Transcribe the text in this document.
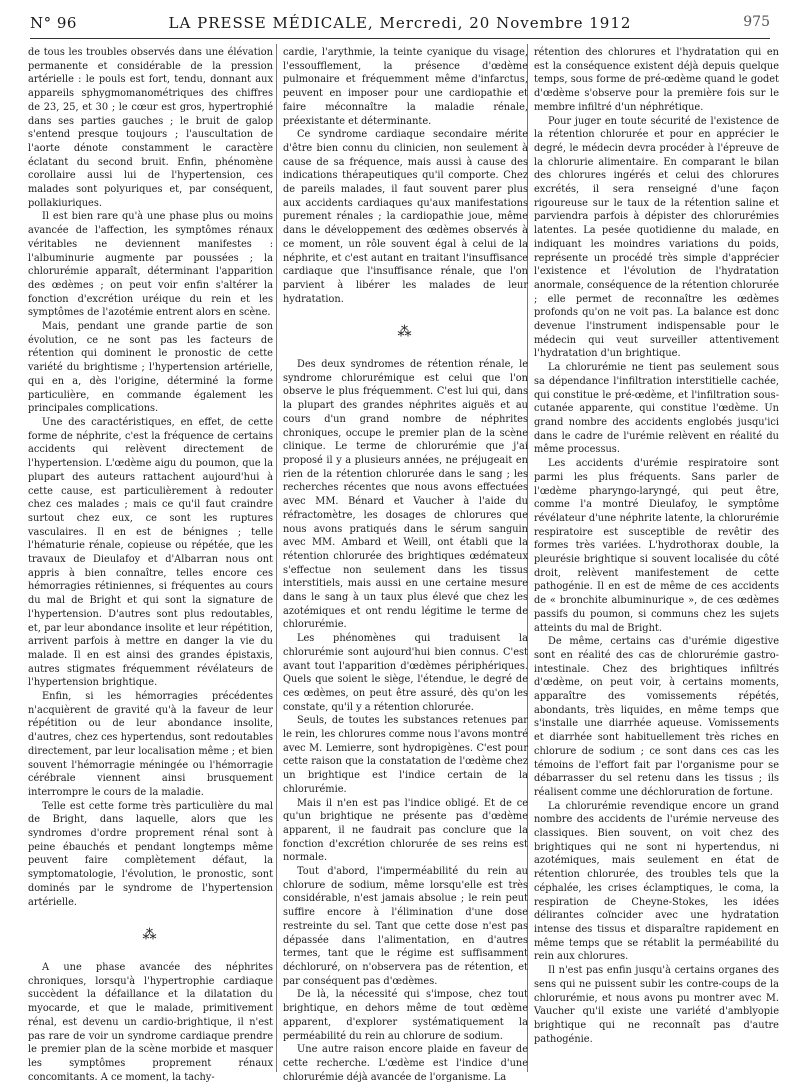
N° 96	LA PRESSE MÉDICALE, Mercredi, 20 Novembre 1912	975

de tous les troubles observés dans une élévation permanente et considérable de la pression artérielle : le pouls est fort, tendu, donnant aux appareils sphygmomanométriques des chiffres de 23, 25, et 30 ; le cœur est gros, hypertrophié dans ses parties gauches ; le bruit de galop s'entend presque toujours ; l'auscultation de l'aorte dénote constamment le caractère éclatant du second bruit. Enfin, phénomène corollaire aussi lui de l'hypertension, ces malades sont polyuriques et, par conséquent, pollakiuriques.

Il est bien rare qu'à une phase plus ou moins avancée de l'affection, les symptômes rénaux véritables ne deviennent manifestes : l'albuminurie augmente par poussées ; la chlorurémie apparaît, déterminant l'apparition des œdèmes ; on peut voir enfin s'altérer la fonction d'excrétion uréique du rein et les symptômes de l'azotémie entrent alors en scène.

Mais, pendant une grande partie de son évolution, ce ne sont pas les facteurs de rétention qui dominent le pronostic de cette variété du brightisme ; l'hypertension artérielle, qui en a, dès l'origine, déterminé la forme particulière, en commande également les principales complications.

Une des caractéristiques, en effet, de cette forme de néphrite, c'est la fréquence de certains accidents qui relèvent directement de l'hypertension. L'œdème aigu du poumon, que la plupart des auteurs rattachent aujourd'hui à cette cause, est particulièrement à redouter chez ces malades ; mais ce qu'il faut craindre surtout chez eux, ce sont les ruptures vasculaires. Il en est de bénignes ; telle l'hématurie rénale, copieuse ou répétée, que les travaux de Dieulafoy et d'Albarran nous ont appris à bien connaître, telles encore ces hémorragies rétiniennes, si fréquentes au cours du mal de Bright et qui sont la signature de l'hypertension. D'autres sont plus redoutables, et, par leur abondance insolite et leur répétition, arrivent parfois à mettre en danger la vie du malade. Il en est ainsi des grandes épistaxis, autres stigmates fréquemment révélateurs de l'hypertension brightique.

Enfin, si les hémorragies précédentes n'acquièrent de gravité qu'à la faveur de leur répétition ou de leur abondance insolite, d'autres, chez ces hypertendus, sont redoutables directement, par leur localisation même ; et bien souvent l'hémorragie méningée ou l'hémorragie cérébrale viennent ainsi brusquement interrompre le cours de la maladie.

Telle est cette forme très particulière du mal de Bright, dans laquelle, alors que les syndromes d'ordre proprement rénal sont à peine ébauchés et pendant longtemps même peuvent faire complètement défaut, la symptomatologie, l'évolution, le pronostic, sont dominés par le syndrome de l'hypertension artérielle.

⁂

A une phase avancée des néphrites chroniques, lorsqu'à l'hypertrophie cardiaque succèdent la défaillance et la dilatation du myocarde, et que le malade, primitivement rénal, est devenu un cardio-brightique, il n'est pas rare de voir un syndrome cardiaque prendre le premier plan de la scène morbide et masquer les symptômes proprement rénaux concomitants. A ce moment, la tachy-

cardie, l'arythmie, la teinte cyanique du visage, l'essoufflement, la présence d'œdème pulmonaire et fréquemment même d'infarctus, peuvent en imposer pour une cardiopathie et faire méconnaître la maladie rénale, préexistante et déterminante.

Ce syndrome cardiaque secondaire mérite d'être bien connu du clinicien, non seulement à cause de sa fréquence, mais aussi à cause des indications thérapeutiques qu'il comporte. Chez de pareils malades, il faut souvent parer plus aux accidents cardiaques qu'aux manifestations purement rénales ; la cardiopathie joue, même dans le développement des œdèmes observés à ce moment, un rôle souvent égal à celui de la néphrite, et c'est autant en traitant l'insuffisance cardiaque que l'insuffisance rénale, que l'on parvient à libérer les malades de leur hydratation.

⁂

Des deux syndromes de rétention rénale, le syndrome chlorurémique est celui que l'on observe le plus fréquemment. C'est lui qui, dans la plupart des grandes néphrites aiguës et au cours d'un grand nombre de néphrites chroniques, occupe le premier plan de la scène clinique. Le terme de chlorurémie que j'ai proposé il y a plusieurs années, ne préjugeait en rien de la rétention chlorurée dans le sang ; les recherches récentes que nous avons effectuées avec MM. Bénard et Vaucher à l'aide du réfractomètre, les dosages de chlorures que nous avons pratiqués dans le sérum sanguin avec MM. Ambard et Weill, ont établi que la rétention chlorurée des brightiques œdémateux s'effectue non seulement dans les tissus interstitiels, mais aussi en une certaine mesure dans le sang à un taux plus élevé que chez les azotémiques et ont rendu légitime le terme de chlorurémie.

Les phénomènes qui traduisent la chlorurémie sont aujourd'hui bien connus. C'est avant tout l'apparition d'œdèmes périphériques. Quels que soient le siège, l'étendue, le degré de ces œdèmes, on peut être assuré, dès qu'on les constate, qu'il y a rétention chlorurée.

Seuls, de toutes les substances retenues par le rein, les chlorures comme nous l'avons montré avec M. Lemierre, sont hydropigènes. C'est pour cette raison que la constatation de l'œdème chez un brightique est l'indice certain de la chlorurémie.

Mais il n'en est pas l'indice obligé. Et de ce qu'un brightique ne présente pas d'œdème apparent, il ne faudrait pas conclure que la fonction d'excrétion chlorurée de ses reins est normale.

Tout d'abord, l'imperméabilité du rein au chlorure de sodium, même lorsqu'elle est très considérable, n'est jamais absolue ; le rein peut suffire encore à l'élimination d'une dose restreinte du sel. Tant que cette dose n'est pas dépassée dans l'alimentation, en d'autres termes, tant que le régime est suffisamment déchloruré, on n'observera pas de rétention, et par conséquent pas d'œdèmes.

De là, la nécessité qui s'impose, chez tout brightique, en dehors même de tout œdème apparent, d'explorer systématiquement la perméabilité du rein au chlorure de sodium.

Une autre raison encore plaide en faveur de cette recherche. L'œdème est l'indice d'une chlorurémie déjà avancée de l'organisme. La

rétention des chlorures et l'hydratation qui en est la conséquence existent déjà depuis quelque temps, sous forme de pré-œdème quand le godet d'œdème s'observe pour la première fois sur le membre infiltré d'un néphrétique.

Pour juger en toute sécurité de l'existence de la rétention chlorurée et pour en apprécier le degré, le médecin devra procéder à l'épreuve de la chlorurie alimentaire. En comparant le bilan des chlorures ingérés et celui des chlorures excrétés, il sera renseigné d'une façon rigoureuse sur le taux de la rétention saline et parviendra parfois à dépister des chlorurémies latentes. La pesée quotidienne du malade, en indiquant les moindres variations du poids, représente un procédé très simple d'apprécier l'existence et l'évolution de l'hydratation anormale, conséquence de la rétention chlorurée ; elle permet de reconnaître les œdèmes profonds qu'on ne voit pas. La balance est donc devenue l'instrument indispensable pour le médecin qui veut surveiller attentivement l'hydratation d'un brightique.

La chlorurémie ne tient pas seulement sous sa dépendance l'infiltration interstitielle cachée, qui constitue le pré-œdème, et l'infiltration sous-cutanée apparente, qui constitue l'œdème. Un grand nombre des accidents englobés jusqu'ici dans le cadre de l'urémie relèvent en réalité du même processus.

Les accidents d'urémie respiratoire sont parmi les plus fréquents. Sans parler de l'œdème pharyngo-laryngé, qui peut être, comme l'a montré Dieulafoy, le symptôme révélateur d'une néphrite latente, la chlorurémie respiratoire est susceptible de revêtir des formes très variées. L'hydrothorax double, la pleurésie brightique si souvent localisée du côté droit, relèvent manifestement de cette pathogénie. Il en est de même de ces accidents de « bronchite albuminurique », de ces œdèmes passifs du poumon, si communs chez les sujets atteints du mal de Bright.

De même, certains cas d'urémie digestive sont en réalité des cas de chlorurémie gastro-intestinale. Chez des brightiques infiltrés d'œdème, on peut voir, à certains moments, apparaître des vomissements répétés, abondants, très liquides, en même temps que s'installe une diarrhée aqueuse. Vomissements et diarrhée sont habituellement très riches en chlorure de sodium ; ce sont dans ces cas les témoins de l'effort fait par l'organisme pour se débarrasser du sel retenu dans les tissus ; ils réalisent comme une déchloruration de fortune.

La chlorurémie revendique encore un grand nombre des accidents de l'urémie nerveuse des classiques. Bien souvent, on voit chez des brightiques qui ne sont ni hypertendus, ni azotémiques, mais seulement en état de rétention chlorurée, des troubles tels que la céphalée, les crises éclamptiques, le coma, la respiration de Cheyne-Stokes, les idées délirantes coïncider avec une hydratation intense des tissus et disparaître rapidement en même temps que se rétablit la perméabilité du rein aux chlorures.

Il n'est pas enfin jusqu'à certains organes des sens qui ne puissent subir les contre-coups de la chlorurémie, et nous avons pu montrer avec M. Vaucher qu'il existe une variété d'amblyopie brightique qui ne reconnaît pas d'autre pathogénie.
